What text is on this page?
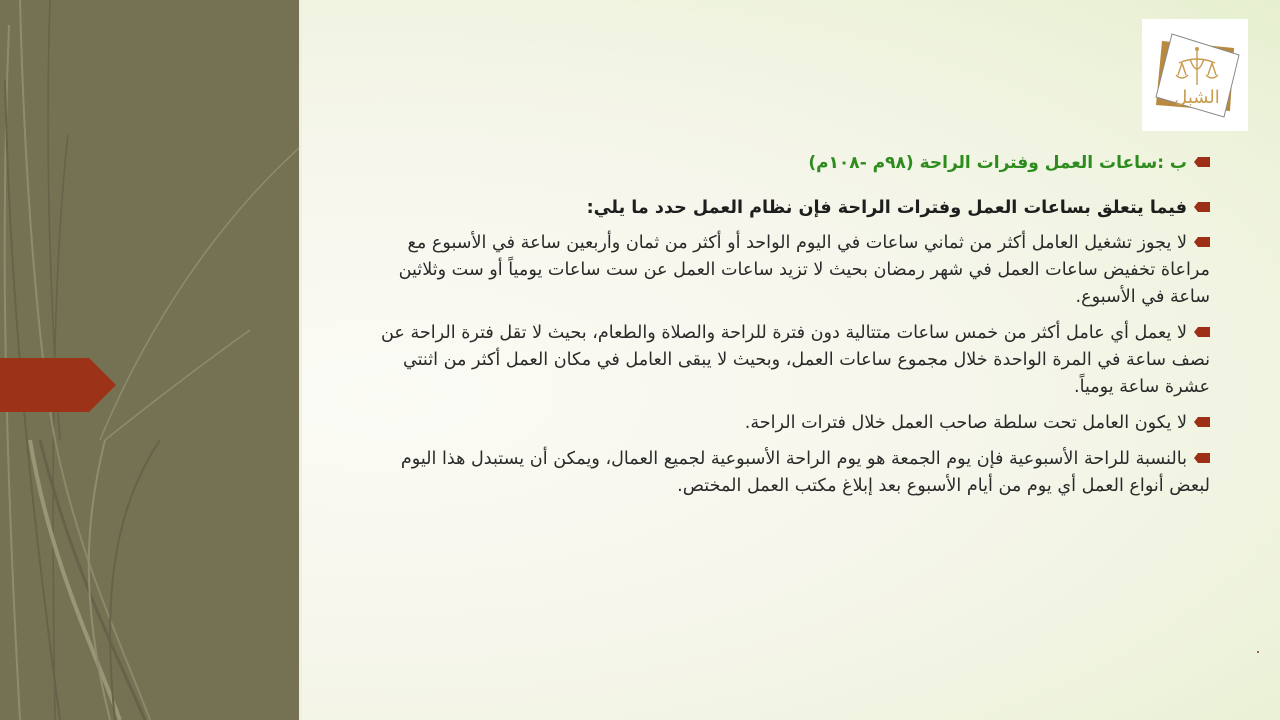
الشبل
ب :ساعات العمل وفترات الراحة (٩٨م -١٠٨م)
فيما يتعلق بساعات العمل وفترات الراحة فإن نظام العمل حدد ما يلي:
لا يجوز تشغيل العامل أكثر من ثماني ساعات في اليوم الواحد أو أكثر من ثمان وأربعين ساعة في الأسبوع مع مراعاة تخفيض ساعات العمل في شهر رمضان بحيث لا تزيد ساعات العمل عن ست ساعات يومياً أو ست وثلاثين ساعة في الأسبوع.
لا يعمل أي عامل أكثر من خمس ساعات متتالية دون فترة للراحة والصلاة والطعام، بحيث لا تقل فترة الراحة عن نصف ساعة في المرة الواحدة خلال مجموع ساعات العمل، وبحيث لا يبقى العامل في مكان العمل أكثر من اثنتي عشرة ساعة يومياً.
لا يكون العامل تحت سلطة صاحب العمل خلال فترات الراحة.
بالنسبة للراحة الأسبوعية فإن يوم الجمعة هو يوم الراحة الأسبوعية لجميع العمال، ويمكن أن يستبدل هذا اليوم لبعض أنواع العمل أي يوم من أيام الأسبوع بعد إبلاغ مكتب العمل المختص.
